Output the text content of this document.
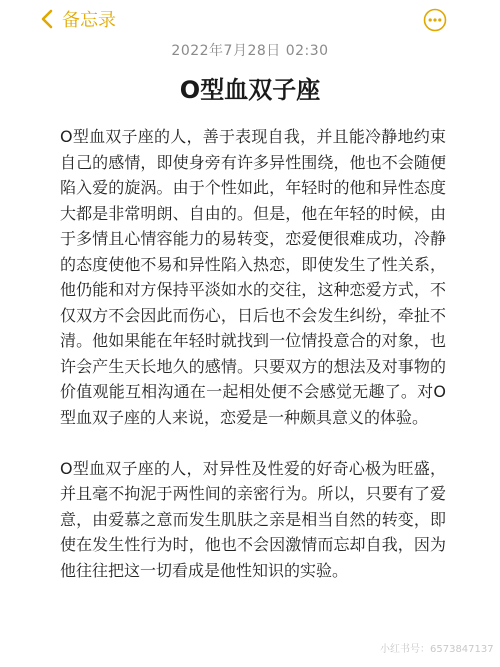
备忘录
2022年7月28日 02:30
O型血双子座

O型血双子座的人，善于表现自我，并且能冷静地约束自己的感情，即使身旁有许多异性围绕，他也不会随便陷入爱的旋涡。由于个性如此，年轻时的他和异性态度大都是非常明朗、自由的。但是，他在年轻的时候，由于多情且心情容能力的易转变，恋爱便很难成功，冷静的态度使他不易和异性陷入热恋，即使发生了性关系，他仍能和对方保持平淡如水的交往，这种恋爱方式，不仅双方不会因此而伤心，日后也不会发生纠纷，牵扯不清。他如果能在年轻时就找到一位情投意合的对象，也许会产生天长地久的感情。只要双方的想法及对事物的价值观能互相沟通在一起相处便不会感觉无趣了。对O型血双子座的人来说，恋爱是一种颇具意义的体验。

O型血双子座的人，对异性及性爱的好奇心极为旺盛，并且毫不拘泥于两性间的亲密行为。所以，只要有了爱意，由爱慕之意而发生肌肤之亲是相当自然的转变，即使在发生性行为时，他也不会因激情而忘却自我，因为他往往把这一切看成是他性知识的实验。

小红书号：6573847137
